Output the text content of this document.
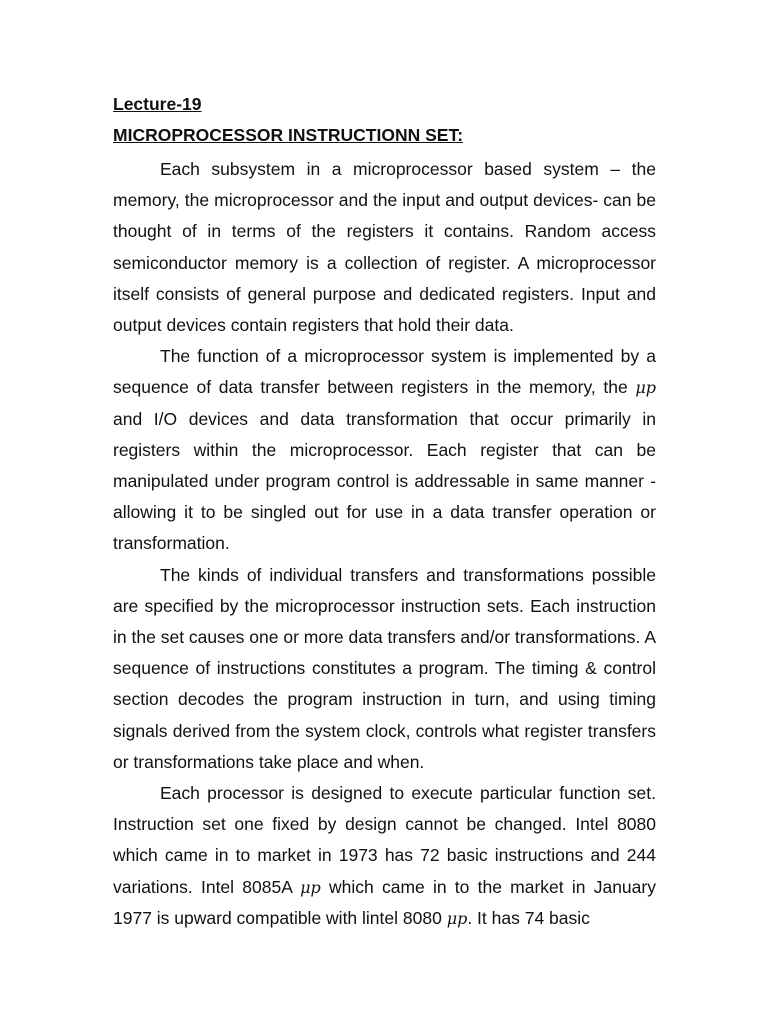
Lecture-19
MICROPROCESSOR INSTRUCTIONN SET:

Each subsystem in a microprocessor based system – the memory, the microprocessor and the input and output devices- can be thought of in terms of the registers it contains. Random access semiconductor memory is a collection of register. A microprocessor itself consists of general purpose and dedicated registers. Input and output devices contain registers that hold their data.

The function of a microprocessor system is implemented by a sequence of data transfer between registers in the memory, the μp and I/O devices and data transformation that occur primarily in registers within the microprocessor. Each register that can be manipulated under program control is addressable in same manner - allowing it to be singled out for use in a data transfer operation or transformation.

The kinds of individual transfers and transformations possible are specified by the microprocessor instruction sets. Each instruction in the set causes one or more data transfers and/or transformations. A sequence of instructions constitutes a program. The timing & control section decodes the program instruction in turn, and using timing signals derived from the system clock, controls what register transfers or transformations take place and when.

Each processor is designed to execute particular function set. Instruction set one fixed by design cannot be changed. Intel 8080 which came in to market in 1973 has 72 basic instructions and 244 variations. Intel 8085A μp which came in to the market in January 1977 is upward compatible with lintel 8080 μp. It has 74 basic
